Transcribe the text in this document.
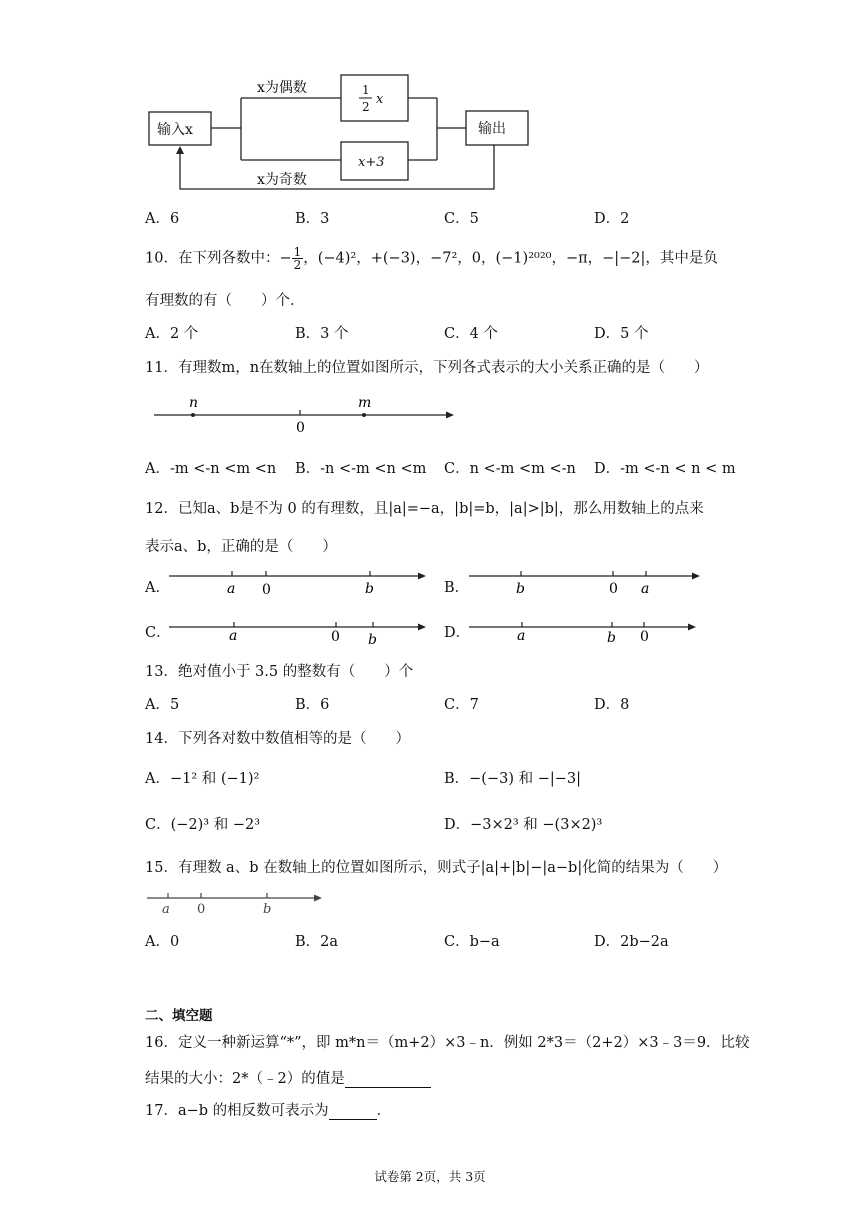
输入x
x为偶数
x为奇数
1
2 x
x+3
输出
A．6	B．3	C．5	D．2
10．在下列各数中：− $\frac{1}{2}$ ，(−4)²，+(−3)，−7²，0，(−1)²⁰²⁰，−π，−|−2|，其中是负
有理数的有（　　）个．
A．2 个	B．3 个	C．4 个	D．5 个
11．有理数m，n在数轴上的位置如图所示，下列各式表示的大小关系正确的是（　　）
n
0
m
A．-m <-n <m <n B．-n <-m <n <m C．n <-m <m <-n D．-m <-n < n < m
12．已知a、b是不为 0 的有理数，且|a|=−a，|b|=b，|a|>|b|，那么用数轴上的点来
表示a、b，正确的是（　　）
A．	a 0	b	B．	b	0 a
C．	a	0 b	D．	a	b 0
13．绝对值小于 3.5 的整数有（　　）个
A．5	B．6	C．7	D．8
14．下列各对数中数值相等的是（　　）
A．−1² 和 (−1)²	B．−(−3) 和 −|−3|
C．(−2)³ 和 −2³	D．−3×2³ 和 −(3×2)³
15．有理数 a、b 在数轴上的位置如图所示，则式子|a|+|b|−|a−b|化简的结果为（　　）
a 0	b
A．0	B．2a	C．b−a	D．2b−2a
二、填空题
16．定义一种新运算“*”，即 m*n＝（m+2）×3﹣n．例如 2*3＝（2+2）×3﹣3＝9．比较
结果的大小：2*（﹣2）的值是
17．a−b 的相反数可表示为	．
试卷第 2页，共 3页
